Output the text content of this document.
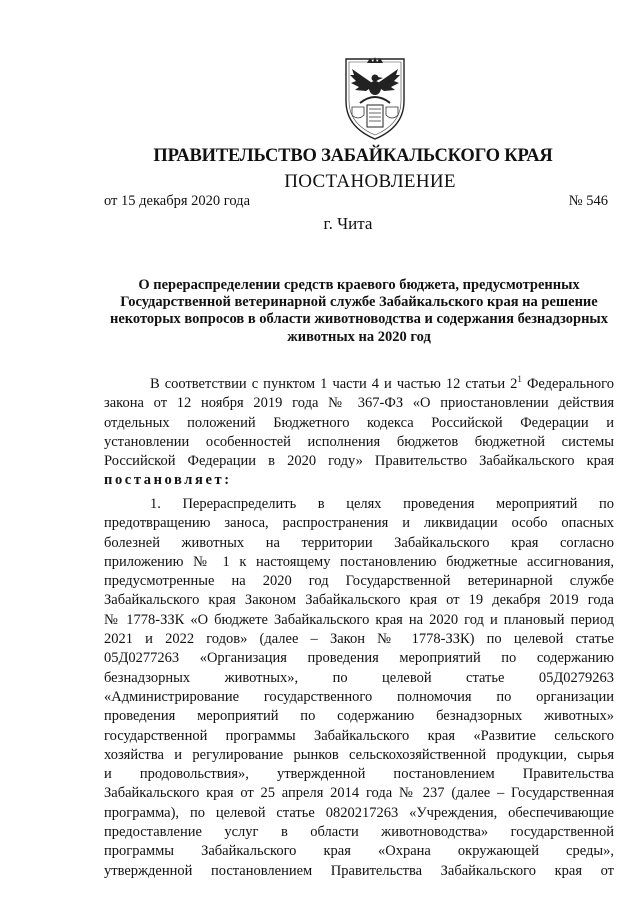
ПРАВИТЕЛЬСТВО ЗАБАЙКАЛЬСКОГО КРАЯ
ПОСТАНОВЛЕНИЕ
от 15 декабря 2020 года	№ 546
г. Чита
О перераспределении средств краевого бюджета, предусмотренных Государственной ветеринарной службе Забайкальского края на решение некоторых вопросов в области животноводства и содержания безнадзорных животных на 2020 год
В соответствии с пунктом 1 части 4 и частью 12 статьи $2^1$ Федерального
закона от 12 ноября 2019 года № 367-ФЗ «О приостановлении действия
отдельных положений Бюджетного кодекса Российской Федерации и
установлении особенностей исполнения бюджетов бюджетной системы
Российской Федерации в 2020 году» Правительство Забайкальского края
постановляет:
1. Перераспределить в целях проведения мероприятий по
предотвращению заноса, распространения и ликвидации особо опасных
болезней животных на территории Забайкальского края согласно
приложению № 1 к настоящему постановлению бюджетные ассигнования,
предусмотренные на 2020 год Государственной ветеринарной службе
Забайкальского края Законом Забайкальского края от 19 декабря 2019 года
№ 1778-ЗЗК «О бюджете Забайкальского края на 2020 год и плановый период
2021 и 2022 годов» (далее – Закон № 1778-ЗЗК) по целевой статье
05Д0277263 «Организация проведения мероприятий по содержанию
безнадзорных животных», по целевой статье 05Д0279263
«Администрирование государственного полномочия по организации
проведения мероприятий по содержанию безнадзорных животных»
государственной программы Забайкальского края «Развитие сельского
хозяйства и регулирование рынков сельскохозяйственной продукции, сырья
и продовольствия», утвержденной постановлением Правительства
Забайкальского края от 25 апреля 2014 года № 237 (далее – Государственная
программа), по целевой статье 0820217263 «Учреждения, обеспечивающие
предоставление услуг в области животноводства» государственной
программы Забайкальского края «Охрана окружающей среды»,
утвержденной постановлением Правительства Забайкальского края от
